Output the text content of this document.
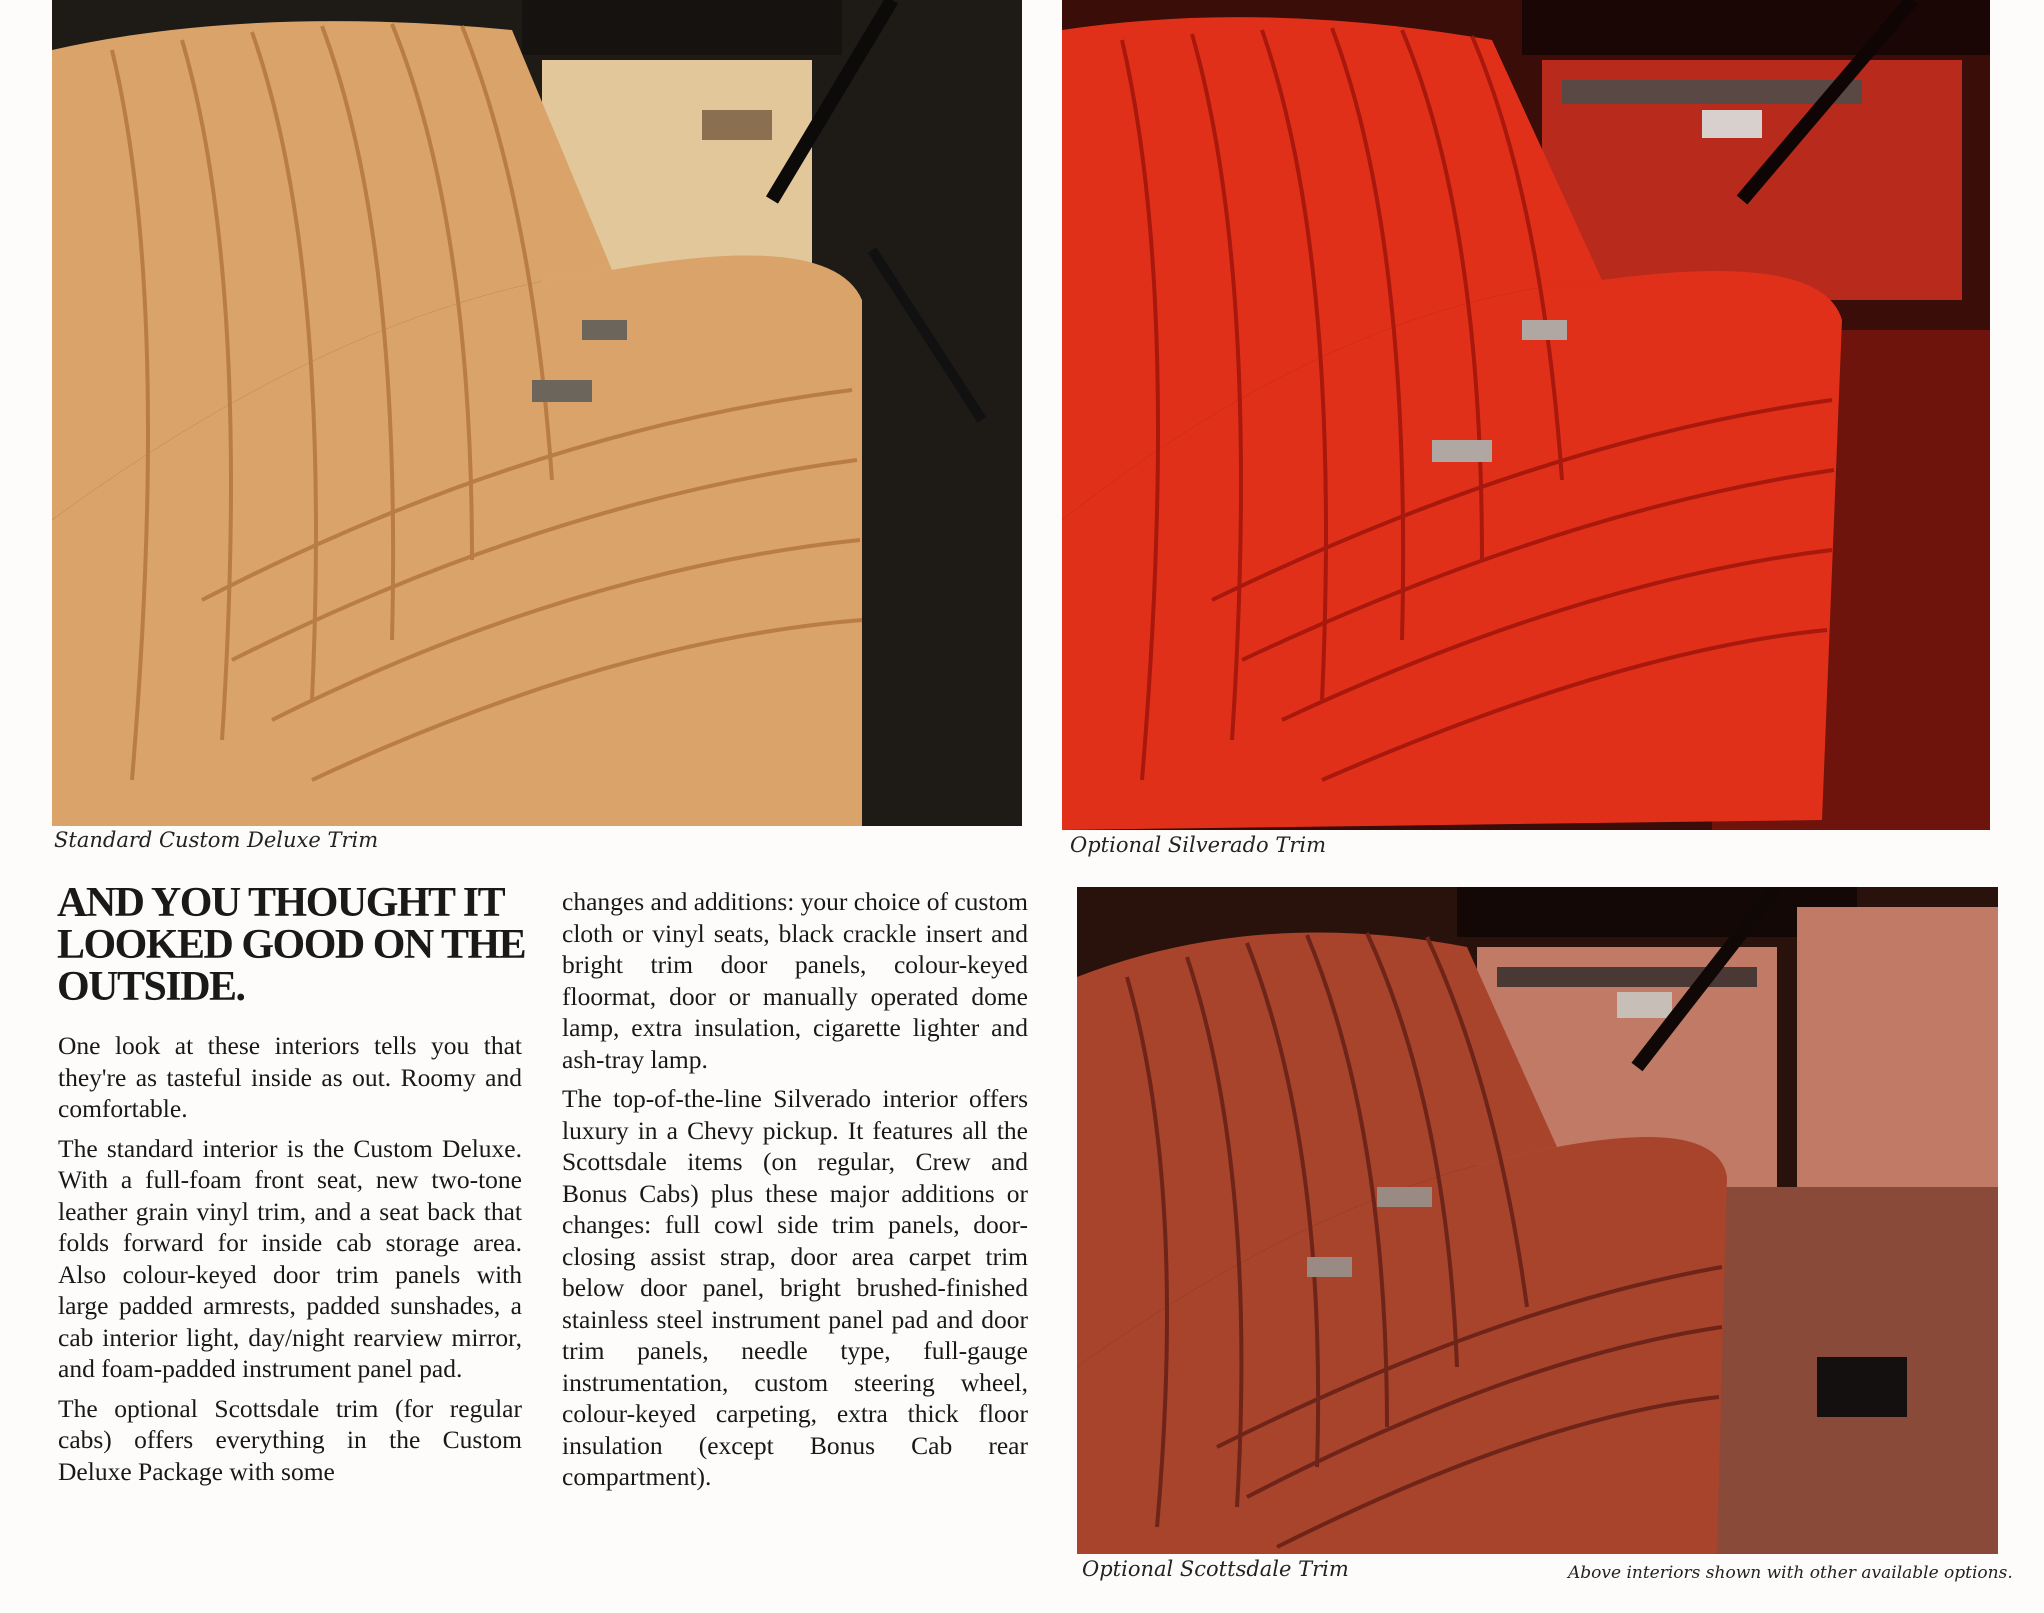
Standard Custom Deluxe Trim	Optional Silverado Trim
Optional Scottsdale Trim	Above interiors shown with other available options.
AND YOU THOUGHT IT LOOKED GOOD ON THE OUTSIDE.

One look at these interiors tells you that they're as tasteful inside as out. Roomy and comfortable.

The standard interior is the Custom Deluxe. With a full-foam front seat, new two-tone leather grain vinyl trim, and a seat back that folds forward for inside cab storage area. Also colour-keyed door trim panels with large padded armrests, padded sunshades, a cab interior light, day/night rearview mirror, and foam-padded instrument panel pad.

The optional Scottsdale trim (for regular cabs) offers everything in the Custom Deluxe Package with some

changes and additions: your choice of custom cloth or vinyl seats, black crackle insert and bright trim door panels, colour-keyed floormat, door or manually operated dome lamp, extra insulation, cigarette lighter and ash-tray lamp.

The top-of-the-line Silverado interior offers luxury in a Chevy pickup. It features all the Scottsdale items (on regular, Crew and Bonus Cabs) plus these major additions or changes: full cowl side trim panels, door-closing assist strap, door area carpet trim below door panel, bright brushed-finished stainless steel instrument panel pad and door trim panels, needle type, full-gauge instrumentation, custom steering wheel, colour-keyed carpeting, extra thick floor insulation (except Bonus Cab rear compartment).
